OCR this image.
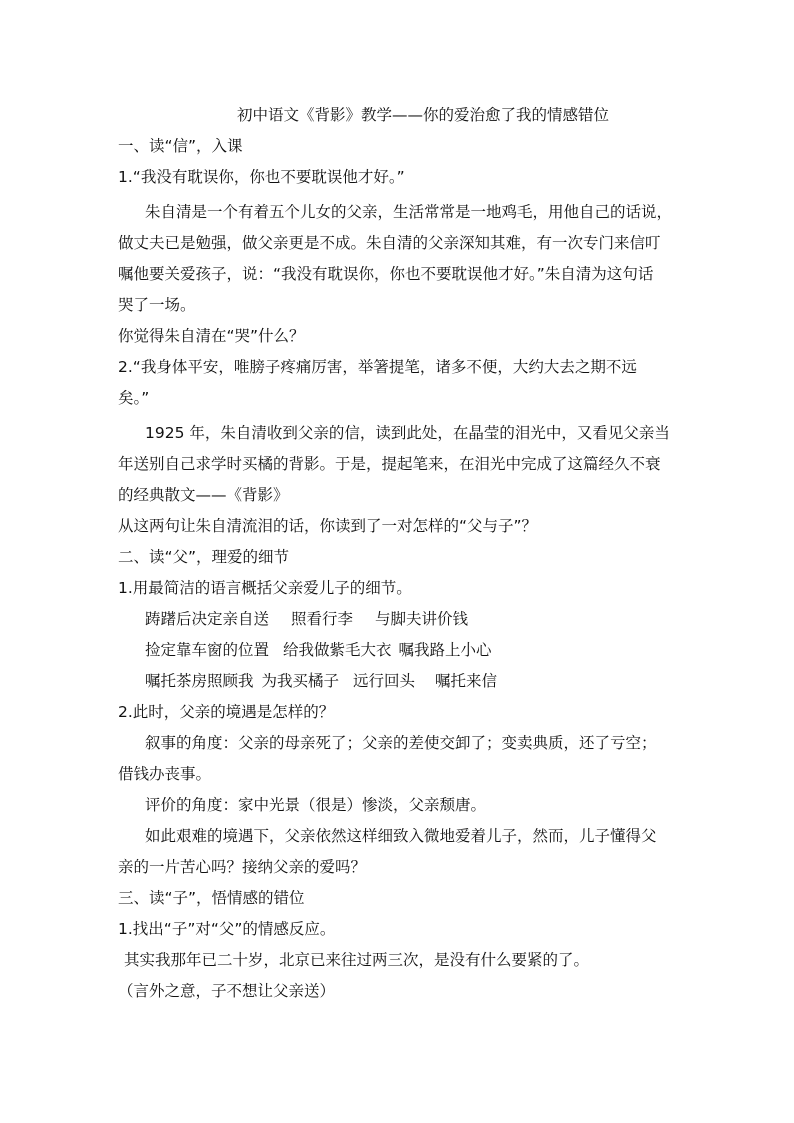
初中语文《背影》教学——你的爱治愈了我的情感错位
一、读“信”，入课
1.“我没有耽误你，你也不要耽误他才好。”
朱自清是一个有着五个儿女的父亲，生活常常是一地鸡毛，用他自己的话说，
做丈夫已是勉强，做父亲更是不成。朱自清的父亲深知其难，有一次专门来信叮
嘱他要关爱孩子，说：“我没有耽误你，你也不要耽误他才好。”朱自清为这句话
哭了一场。
你觉得朱自清在“哭”什么？
2.“我身体平安，唯膀子疼痛厉害，举箸提笔，诸多不便，大约大去之期不远
矣。”
1925 年，朱自清收到父亲的信，读到此处，在晶莹的泪光中，又看见父亲当
年送别自己求学时买橘的背影。于是，提起笔来，在泪光中完成了这篇经久不衰
的经典散文——《背影》
从这两句让朱自清流泪的话，你读到了一对怎样的“父与子”？
二、读“父”，理爱的细节
1.用最简洁的语言概括父亲爱儿子的细节。
踌躇后决定亲自送 照看行李 与脚夫讲价钱
捡定靠车窗的位置 给我做紫毛大衣 嘱我路上小心
嘱托茶房照顾我 为我买橘子 远行回头 嘱托来信
2.此时，父亲的境遇是怎样的？
叙事的角度：父亲的母亲死了；父亲的差使交卸了；变卖典质，还了亏空；
借钱办丧事。
评价的角度：家中光景（很是）惨淡，父亲颓唐。
如此艰难的境遇下，父亲依然这样细致入微地爱着儿子，然而，儿子懂得父
亲的一片苦心吗？接纳父亲的爱吗？
三、读“子”，悟情感的错位
1.找出“子”对“父”的情感反应。
其实我那年已二十岁，北京已来往过两三次，是没有什么要紧的了。
（言外之意，子不想让父亲送）
